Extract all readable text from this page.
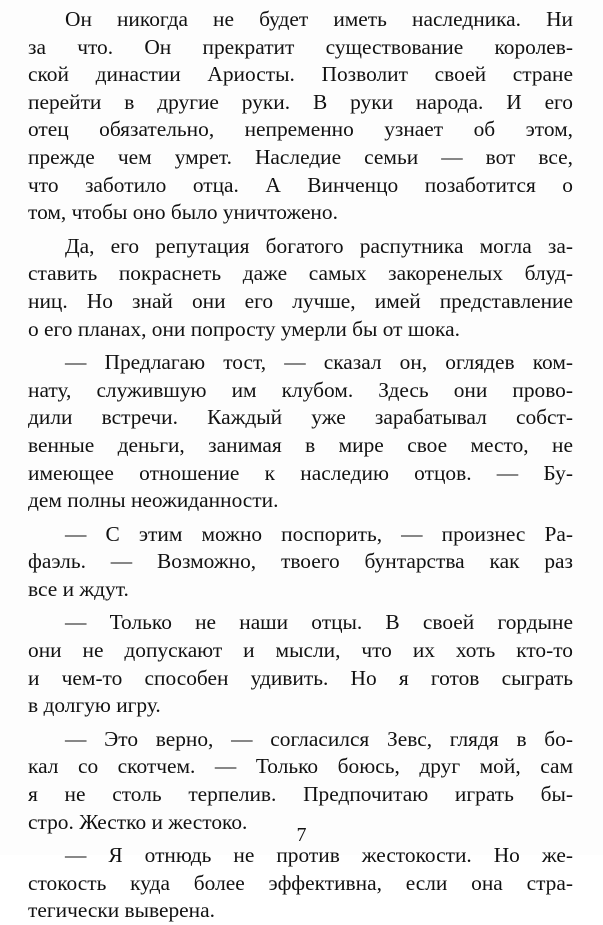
Он никогда не будет иметь наследника. Ни
за что. Он прекратит существование королев-
ской династии Ариосты. Позволит своей стране
перейти в другие руки. В руки народа. И его
отец обязательно, непременно узнает об этом,
прежде чем умрет. Наследие семьи — вот все,
что заботило отца. А Винченцо позаботится о
том, чтобы оно было уничтожено.

Да, его репутация богатого распутника могла за-
ставить покраснеть даже самых закоренелых блуд-
ниц. Но знай они его лучше, имей представление
о его планах, они попросту умерли бы от шока.

— Предлагаю тост, — сказал он, оглядев ком-
нату, служившую им клубом. Здесь они прово-
дили встречи. Каждый уже зарабатывал собст-
венные деньги, занимая в мире свое место, не
имеющее отношение к наследию отцов. — Бу-
дем полны неожиданности.

— С этим можно поспорить, — произнес Ра-
фаэль. — Возможно, твоего бунтарства как раз
все и ждут.

— Только не наши отцы. В своей гордыне
они не допускают и мысли, что их хоть кто-то
и чем-то способен удивить. Но я готов сыграть
в долгую игру.

— Это верно, — согласился Зевс, глядя в бо-
кал со скотчем. — Только боюсь, друг мой, сам
я не столь терпелив. Предпочитаю играть бы-
стро. Жестко и жестоко.

— Я отнюдь не против жестокости. Но же-
стокость куда более эффективна, если она стра-
тегически выверена.

7
